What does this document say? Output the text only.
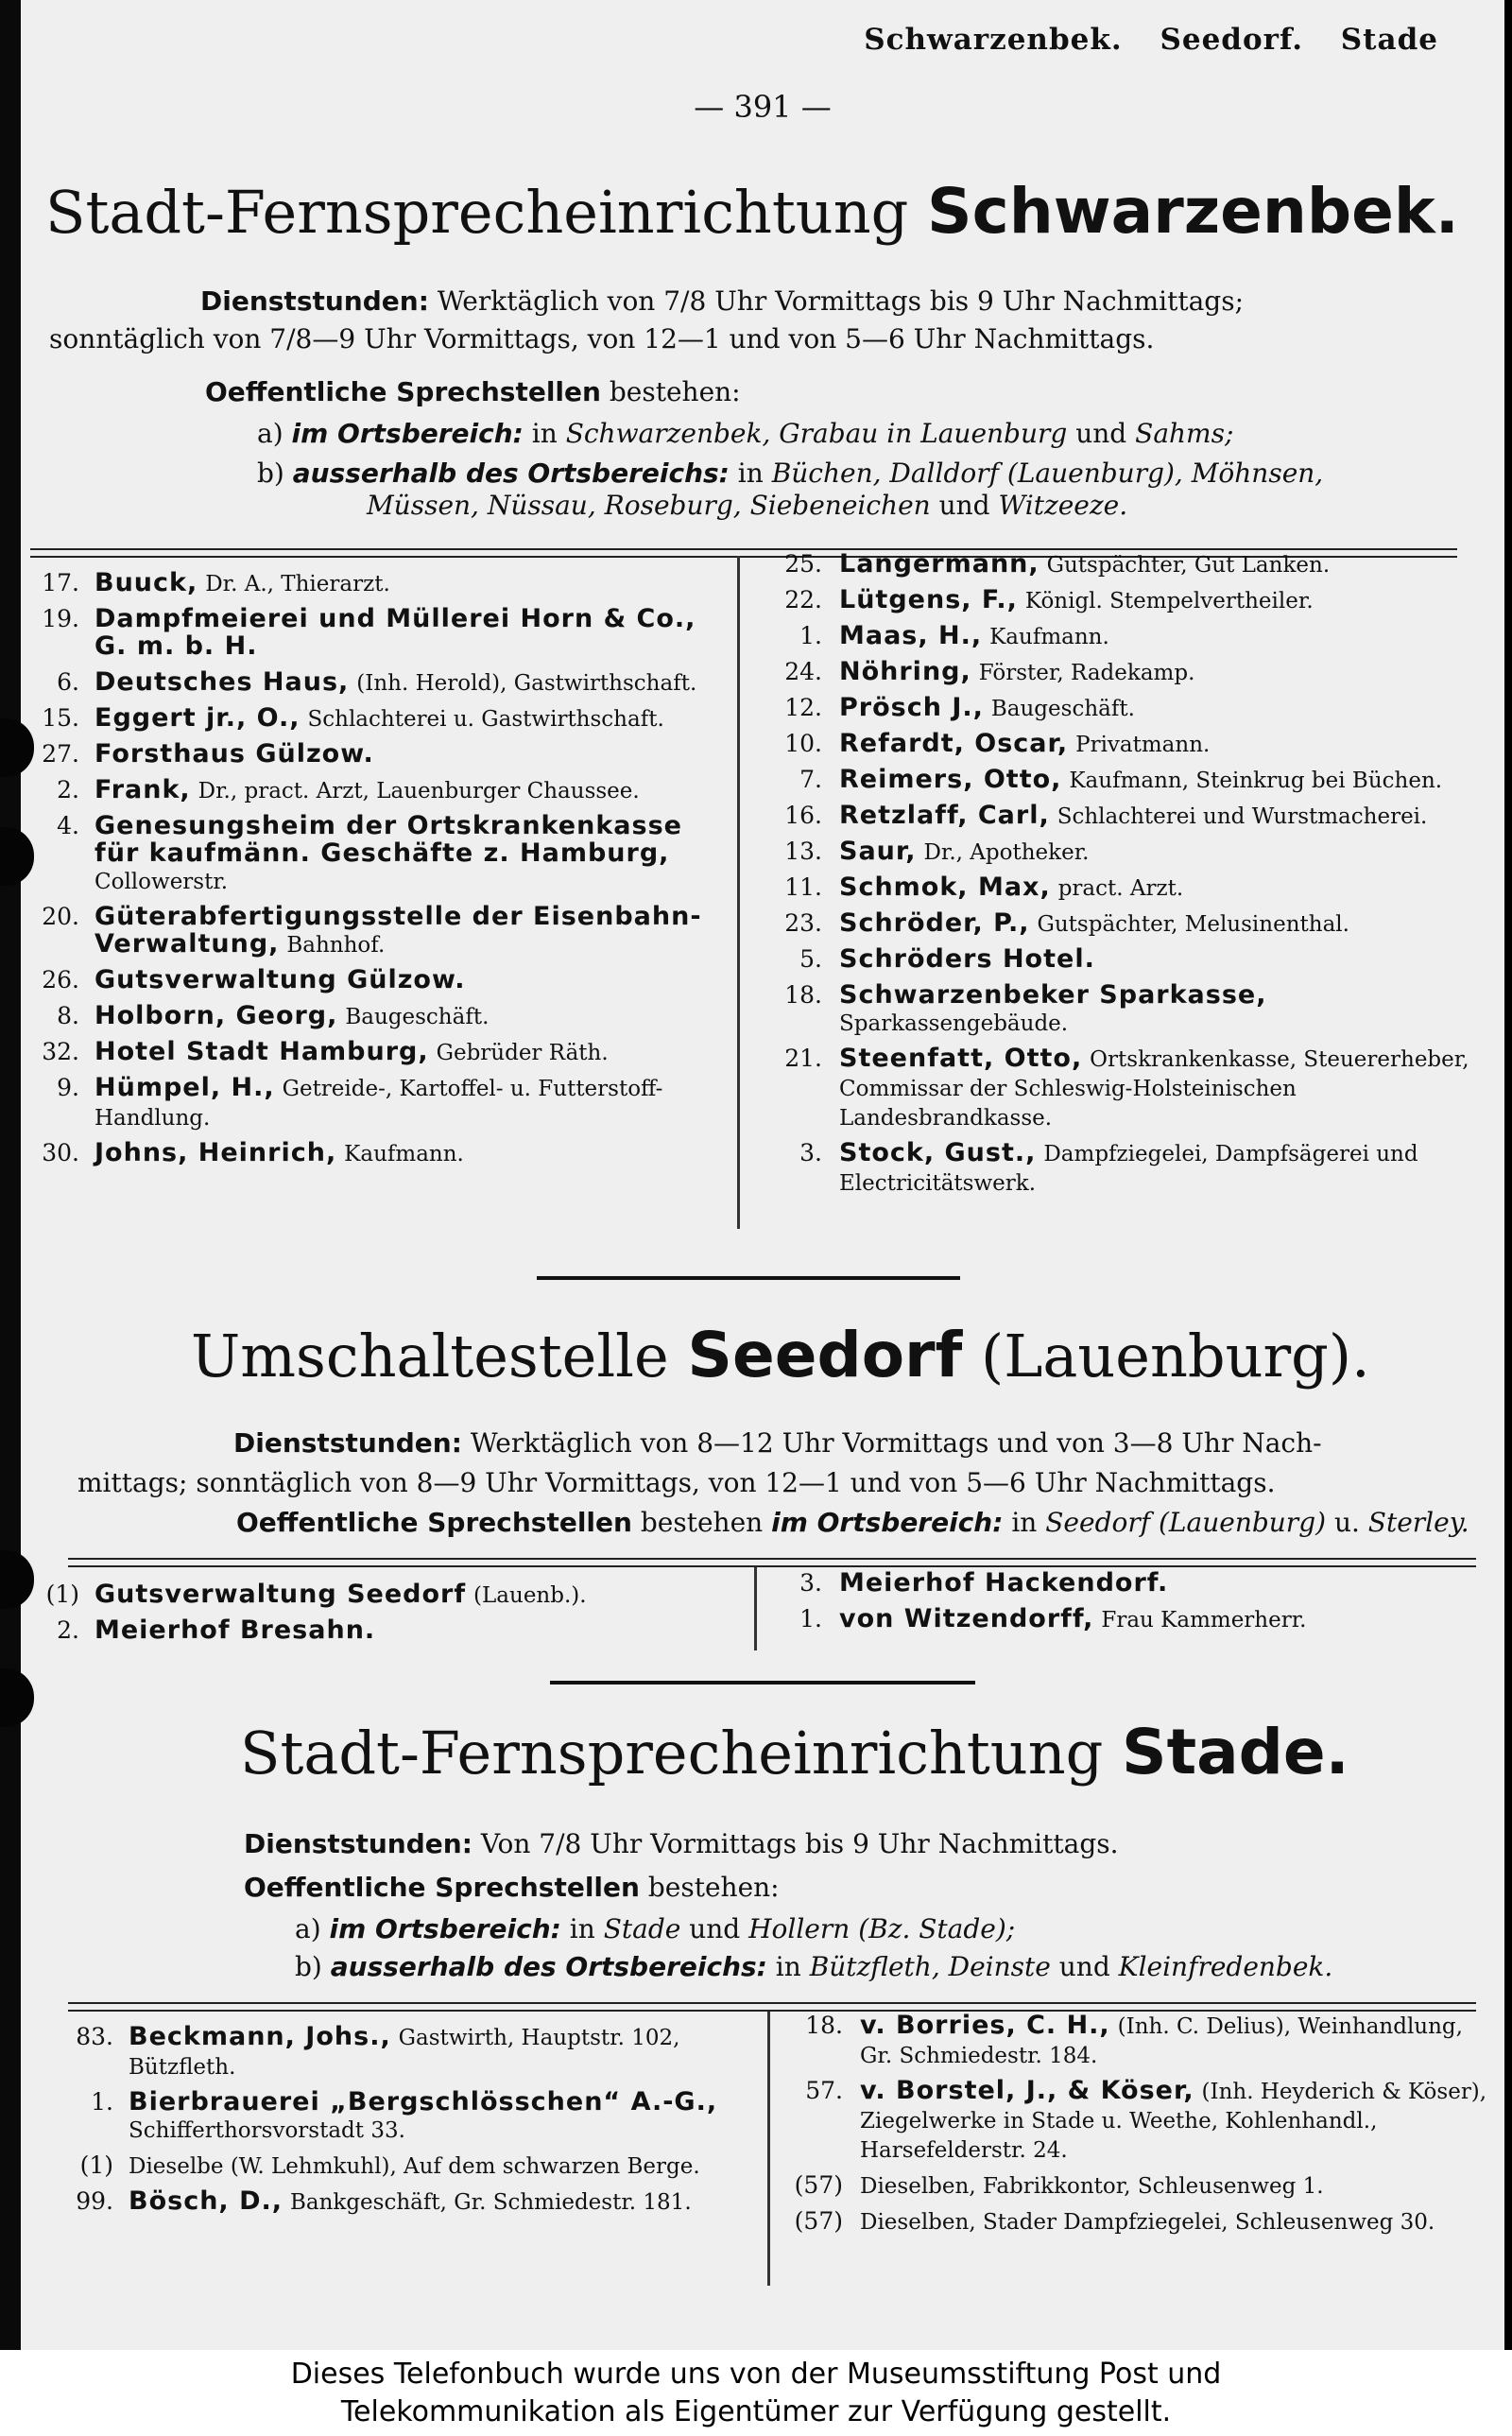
Schwarzenbek. Seedorf. Stade
— 391 —
Stadt-Fernsprecheinrichtung Schwarzenbek.
Dienststunden: Werktäglich von 7/8 Uhr Vormittags bis 9 Uhr Nachmittags;
sonntäglich von 7/8—9 Uhr Vormittags, von 12—1 und von 5—6 Uhr Nachmittags.
Oeffentliche Sprechstellen bestehen:
a) im Ortsbereich: in Schwarzenbek, Grabau in Lauenburg und Sahms;
b) ausserhalb des Ortsbereichs: in Büchen, Dalldorf (Lauenburg), Möhnsen,
Müssen, Nüssau, Roseburg, Siebeneichen und Witzeeze.
17. Buuck, Dr. A., Thierarzt.
19. Dampfmeierei und Müllerei Horn & Co., G. m. b. H.
6. Deutsches Haus, (Inh. Herold), Gastwirthschaft.
15. Eggert jr., O., Schlachterei u. Gastwirthschaft.
27. Forsthaus Gülzow.
2. Frank, Dr., pract. Arzt, Lauenburger Chaussee.
4. Genesungsheim der Ortskrankenkasse für kaufmänn. Geschäfte z. Hamburg, Collowerstr.
20. Güterabfertigungsstelle der Eisenbahn-Verwaltung, Bahnhof.
26. Gutsverwaltung Gülzow.
8. Holborn, Georg, Baugeschäft.
32. Hotel Stadt Hamburg, Gebrüder Räth.
9. Hümpel, H., Getreide-, Kartoffel- u. Futterstoff-Handlung.
30. Johns, Heinrich, Kaufmann.
25. Langermann, Gutspächter, Gut Lanken.
22. Lütgens, F., Königl. Stempelvertheiler.
1. Maas, H., Kaufmann.
24. Nöhring, Förster, Radekamp.
12. Prösch J., Baugeschäft.
10. Refardt, Oscar, Privatmann.
7. Reimers, Otto, Kaufmann, Steinkrug bei Büchen.
16. Retzlaff, Carl, Schlachterei und Wurstmacherei.
13. Saur, Dr., Apotheker.
11. Schmok, Max, pract. Arzt.
23. Schröder, P., Gutspächter, Melusinenthal.
5. Schröders Hotel.
18. Schwarzenbeker Sparkasse, Sparkassengebäude.
21. Steenfatt, Otto, Ortskrankenkasse, Steuererheber, Commissar der Schleswig-Holsteinischen Landesbrandkasse.
3. Stock, Gust., Dampfziegelei, Dampfsägerei und Electricitätswerk.
Umschaltestelle Seedorf (Lauenburg).
Dienststunden: Werktäglich von 8—12 Uhr Vormittags und von 3—8 Uhr Nach-
mittags; sonntäglich von 8—9 Uhr Vormittags, von 12—1 und von 5—6 Uhr Nachmittags.
Oeffentliche Sprechstellen bestehen im Ortsbereich: in Seedorf (Lauenburg) u. Sterley.
(1) Gutsverwaltung Seedorf (Lauenb.).
2. Meierhof Bresahn.
3. Meierhof Hackendorf.
1. von Witzendorff, Frau Kammerherr.
Stadt-Fernsprecheinrichtung Stade.
Dienststunden: Von 7/8 Uhr Vormittags bis 9 Uhr Nachmittags.
Oeffentliche Sprechstellen bestehen:
a) im Ortsbereich: in Stade und Hollern (Bz. Stade);
b) ausserhalb des Ortsbereichs: in Bützfleth, Deinste und Kleinfredenbek.
83. Beckmann, Johs., Gastwirth, Hauptstr. 102, Bützfleth.
1. Bierbrauerei „Bergschlösschen“ A.-G., Schifferthorsvorstadt 33.
(1) Dieselbe (W. Lehmkuhl), Auf dem schwarzen Berge.
99. Bösch, D., Bankgeschäft, Gr. Schmiedestr. 181.
18. v. Borries, C. H., (Inh. C. Delius), Weinhandlung, Gr. Schmiedestr. 184.
57. v. Borstel, J., & Köser, (Inh. Heyderich & Köser), Ziegelwerke in Stade u. Weethe, Kohlenhandl., Harsefelderstr. 24.
(57) Dieselben, Fabrikkontor, Schleusenweg 1.
(57) Dieselben, Stader Dampfziegelei, Schleusenweg 30.
Dieses Telefonbuch wurde uns von der Museumsstiftung Post und
Telekommunikation als Eigentümer zur Verfügung gestellt.
